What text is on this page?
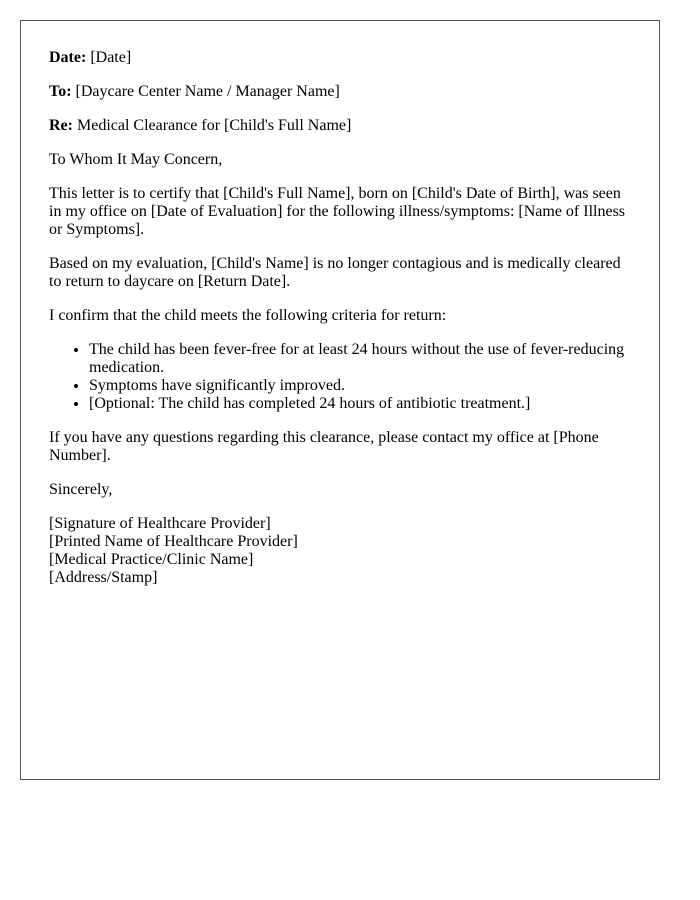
Date: [Date]

To: [Daycare Center Name / Manager Name]

Re: Medical Clearance for [Child's Full Name]

To Whom It May Concern,

This letter is to certify that [Child's Full Name], born on [Child's Date of Birth], was seen in my office on [Date of Evaluation] for the following illness/symptoms: [Name of Illness or Symptoms].

Based on my evaluation, [Child's Name] is no longer contagious and is medically cleared to return to daycare on [Return Date].

I confirm that the child meets the following criteria for return:

• The child has been fever-free for at least 24 hours without the use of fever-reducing medication.
• Symptoms have significantly improved.
• [Optional: The child has completed 24 hours of antibiotic treatment.]

If you have any questions regarding this clearance, please contact my office at [Phone Number].

Sincerely,

[Signature of Healthcare Provider]

[Printed Name of Healthcare Provider]

[Medical Practice/Clinic Name]

[Address/Stamp]
